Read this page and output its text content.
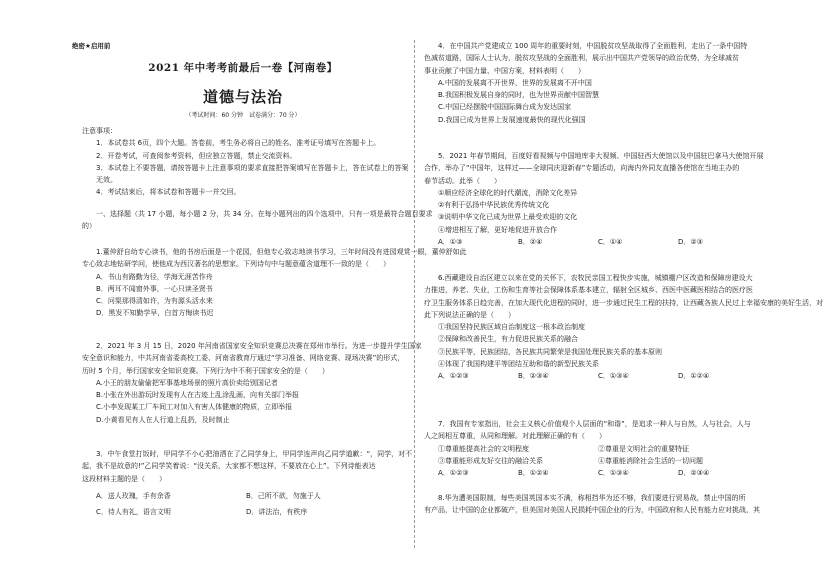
绝密★启用前
2021 年中考考前最后一卷【河南卷】
道德与法治
（考试时间：60 分钟　试卷满分：70 分）

注意事项：

1．本试卷共 6页，四个大题。答卷前，考生务必将自己的姓名、准考证号填写在答题卡上。

2．开卷考试，可查阅参考资料，但应独立答题，禁止交流资料。

3．本试卷上不要答题，请按答题卡上注意事项的要求直接把答案填写在答题卡上，答在试卷上的答案

无效。

4．考试结束后，将本试卷和答题卡一并交回。

一、选择题（共 17 小题，每小题 2 分，共 34 分。在每小题列出的四个选项中，只有一项是最符合题目要求

的）

1.董仲舒自幼专心读书，他的书房后面是一个花园，但他专心致志地读书学习，三年时间没有进园观赏一眼，董仲舒如此

专心致志地钻研学问，使他成为西汉著名的思想家。下列诗句中与题意蕴含道理不一致的是（　　）

A．书山有路勤为径，学海无涯苦作舟

B．两耳不闻窗外事，一心只读圣贤书

C．问渠那得清如许，为有源头活水来

D．黑发不知勤学早，白首方悔读书迟

2．2021 年 3 月 15 日，2020 年河南省国家安全知识竞赛总决赛在郑州市举行。为进一步提升学生国家

安全意识和能力，中共河南省委高校工委、河南省教育厅通过“学习准备、网络竞赛、现场决赛”的形式，

历时 5 个月，举行国家安全知识竞赛。下列行为中不利于国家安全的是（　　）

A.小王的朋友偷偷把军事基地场景的照片高价卖给别国记者

B.小张在外出游玩时发现有人在古迹上乱涂乱画，向有关部门举报

C.小李发现某工厂车间工对加入有害人体健康的物质，立即举报

D.小黄看见有人在人行道上乱扔，及时制止

3．中午食堂打饭时，甲同学不小心把油洒在了乙同学身上，甲同学连声向乙同学道歉：“，同学，对不

起，我不是故意的!”乙同学笑着说：“没关系，大家都不想这样，不要放在心上”。下列诗能表达

这段材料主题的是（　　）

A．送人玫瑰，手有余香	B．己所不欲，勿施于人
C．待人有礼，语言文明	D．讲法治，有秩序

4．在中国共产党建成立 100 周年的重要时刻，中国脱贫攻坚战取得了全面胜利，走出了一条中国特

色减贫道路，国际人士认为，脱贫攻坚战的全面胜利，展示出中国共产党领导的政治优势，为全球减贫

事业贡献了中国力量、中国方案，材料表明（　　）

A.中国的发展离不开世界，世界的发展离不开中国

B.我国积极发展自身的同时，也为世界贡献中国智慧

C.中国已经摆脱中国国际舞台成为发达国家

D.我国已成为世界上发展速度最快的现代化强国

5．2021 年春节期间，百度好看视频与中国地库非大视频、中国驻西大使馆以及中国驻巴拿马大使馆开展

合作，举办了“中国年，这样过——全球同庆迎新春”专题活动，向海内外同友直播各使馆在当地主办的

春节活动。此举（　　）

①顺应经济全球化的时代潮流，消除文化差异

②有利于弘扬中华民族优秀传统文化

③说明中华文化已成为世界上最受欢迎的文化

④增进相互了解，更好地促进开放合作

A．①③	B．②④	C．①④	D．②③

6.西藏建设自治区建立以来在党的关怀下，农牧民亲国工程快步实施，城镇棚户区改造和保障房建设大

力推进，养老、失业，工伤和生育等社会保障体系基本建立，辐射全区城乡、西医中医藏医相结合的医疗医

疗卫生服务体系日趋完善，在加大现代化进程的同时，进一步通过民生工程的扶持，让西藏各族人民过上幸福安康的美好生活，对

此下列说法正确的是（　　）

①我国坚持民族区域自治制度这一根本政治制度

②保障和改善民生，有力促进民族关系的融合

③民族平等，民族团结，各民族共同繁荣是我国处理民族关系的基本原则

④体现了我国构建平等团结互助和谐的新型民族关系

A．①②③	B．②③④	C．①③④	D．①②④

7．我国有专家指出，社会主义核心价值观个人层面的“和谐”，是追求一种人与自然，人与社会，人与

人之间相互尊重，从同和理解。对此理解正确的有（　　）

①尊重能提高社会的文明程度	②尊重是文明社会的重要特征
③尊重能形成友好交往的融洽关系	④尊重能消除社会生活的一切问题
A．①②③	B．①②④	C．①③④	D．②③④

8.华为遭美国限制，每些美国英国本实不满，称相挡华为还不够，我们要进行贸易战，禁止中国的所

有产品，让中国的企业都破产，但美国对美国人民损耗中国企业的行为，中国政府和人民有能力应对挑战，其
